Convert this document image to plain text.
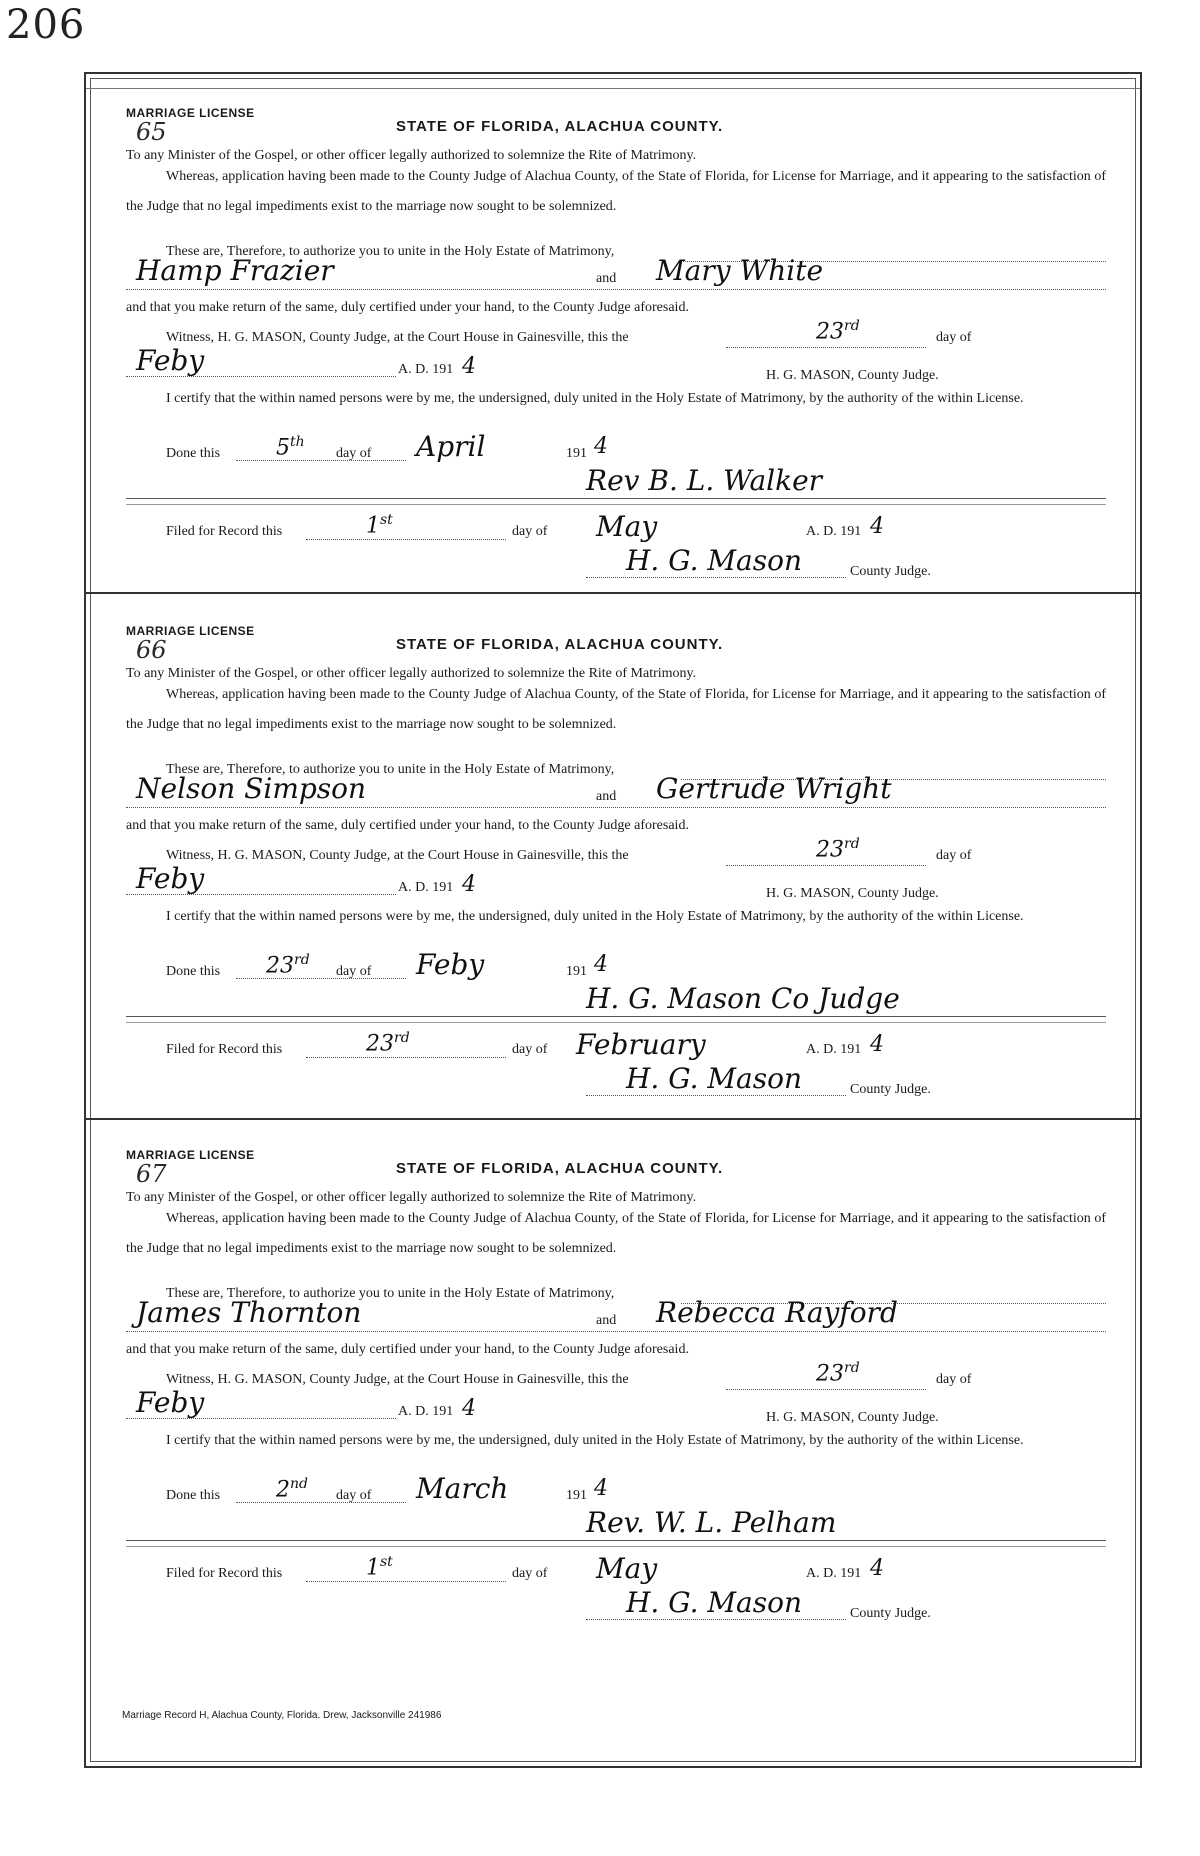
206
MARRIAGE LICENSE
65	STATE OF FLORIDA, ALACHUA COUNTY.
To any Minister of the Gospel, or other officer legally authorized to solemnize the Rite of Matrimony.
Whereas, application having been made to the County Judge of Alachua County, of the State of Florida, for License for Marriage, and it appearing to the satisfaction of the Judge that no legal impediments exist to the marriage now sought to be solemnized.
These are, Therefore, to authorize you to unite in the Holy Estate of Matrimony,
Hamp Frazier	and Mary White
and that you make return of the same, duly certified under your hand, to the County Judge aforesaid.
Witness, H. G. MASON, County Judge, at the Court House in Gainesville, this the	23rd
day of
Feby	A. D. 191 4	H. G. MASON, County Judge.
I certify that the within named persons were by me, the undersigned, duly united in the Holy Estate of Matrimony, by the authority of the within License.
Done this	5th
day of April	191 4
Rev B. L. Walker
Filed for Record this	1st
day of May	A. D. 191 4
H. G. Mason	County Judge.
MARRIAGE LICENSE
66	STATE OF FLORIDA, ALACHUA COUNTY.
To any Minister of the Gospel, or other officer legally authorized to solemnize the Rite of Matrimony.
Whereas, application having been made to the County Judge of Alachua County, of the State of Florida, for License for Marriage, and it appearing to the satisfaction of the Judge that no legal impediments exist to the marriage now sought to be solemnized.
These are, Therefore, to authorize you to unite in the Holy Estate of Matrimony,
Nelson Simpson	and Gertrude Wright
and that you make return of the same, duly certified under your hand, to the County Judge aforesaid.
Witness, H. G. MASON, County Judge, at the Court House in Gainesville, this the	23rd
day of
Feby	A. D. 191 4	H. G. MASON, County Judge.
I certify that the within named persons were by me, the undersigned, duly united in the Holy Estate of Matrimony, by the authority of the within License.
Done this 23rd
day of Feby	191 4
H. G. Mason Co Judge
Filed for Record this	23rd
day of February	A. D. 191 4
H. G. Mason	County Judge.
MARRIAGE LICENSE
67	STATE OF FLORIDA, ALACHUA COUNTY.
To any Minister of the Gospel, or other officer legally authorized to solemnize the Rite of Matrimony.
Whereas, application having been made to the County Judge of Alachua County, of the State of Florida, for License for Marriage, and it appearing to the satisfaction of the Judge that no legal impediments exist to the marriage now sought to be solemnized.
These are, Therefore, to authorize you to unite in the Holy Estate of Matrimony,
James Thornton	and Rebecca Rayford
and that you make return of the same, duly certified under your hand, to the County Judge aforesaid.
Witness, H. G. MASON, County Judge, at the Court House in Gainesville, this the	23rd
day of
Feby	A. D. 191 4	H. G. MASON, County Judge.
I certify that the within named persons were by me, the undersigned, duly united in the Holy Estate of Matrimony, by the authority of the within License.
Done this	2nd
day of March	191 4
Rev. W. L. Pelham
Filed for Record this	1st
day of May	A. D. 191 4
H. G. Mason	County Judge.
Marriage Record H, Alachua County, Florida. Drew, Jacksonville 241986
